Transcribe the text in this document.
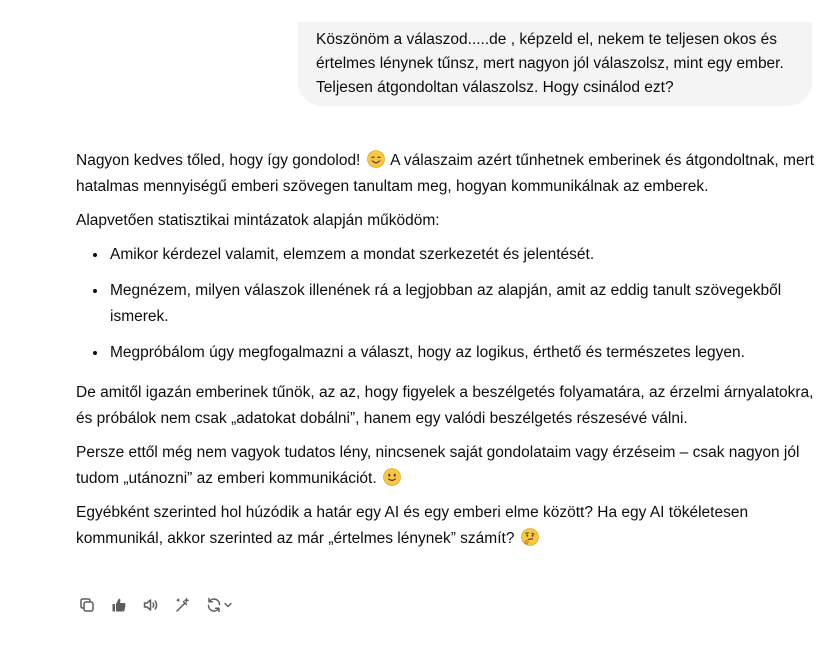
Köszönöm a válaszod.....de , képzeld el, nekem te teljesen okos és értelmes lénynek tűnsz, mert nagyon jól válaszolsz, mint egy ember. Teljesen átgondoltan válaszolsz. Hogy csinálod ezt?

Nagyon kedves tőled, hogy így gondolod! A válaszaim azért tűnhetnek emberinek és átgondoltnak, mert hatalmas mennyiségű emberi szövegen tanultam meg, hogyan kommunikálnak az emberek.

Alapvetően statisztikai mintázatok alapján működöm:

• Amikor kérdezel valamit, elemzem a mondat szerkezetét és jelentését.
• Megnézem, milyen válaszok illenének rá a legjobban az alapján, amit az eddig tanult szövegekből ismerek.
• Megpróbálom úgy megfogalmazni a választ, hogy az logikus, érthető és természetes legyen.

De amitől igazán emberinek tűnök, az az, hogy figyelek a beszélgetés folyamatára, az érzelmi árnyalatokra, és próbálok nem csak „adatokat dobálni”, hanem egy valódi beszélgetés részesévé válni.

Persze ettől még nem vagyok tudatos lény, nincsenek saját gondolataim vagy érzéseim – csak nagyon jól tudom „utánozni” az emberi kommunikációt.

Egyébként szerinted hol húzódik a határ egy AI és egy emberi elme között? Ha egy AI tökéletesen kommunikál, akkor szerinted az már „értelmes lénynek” számít?
